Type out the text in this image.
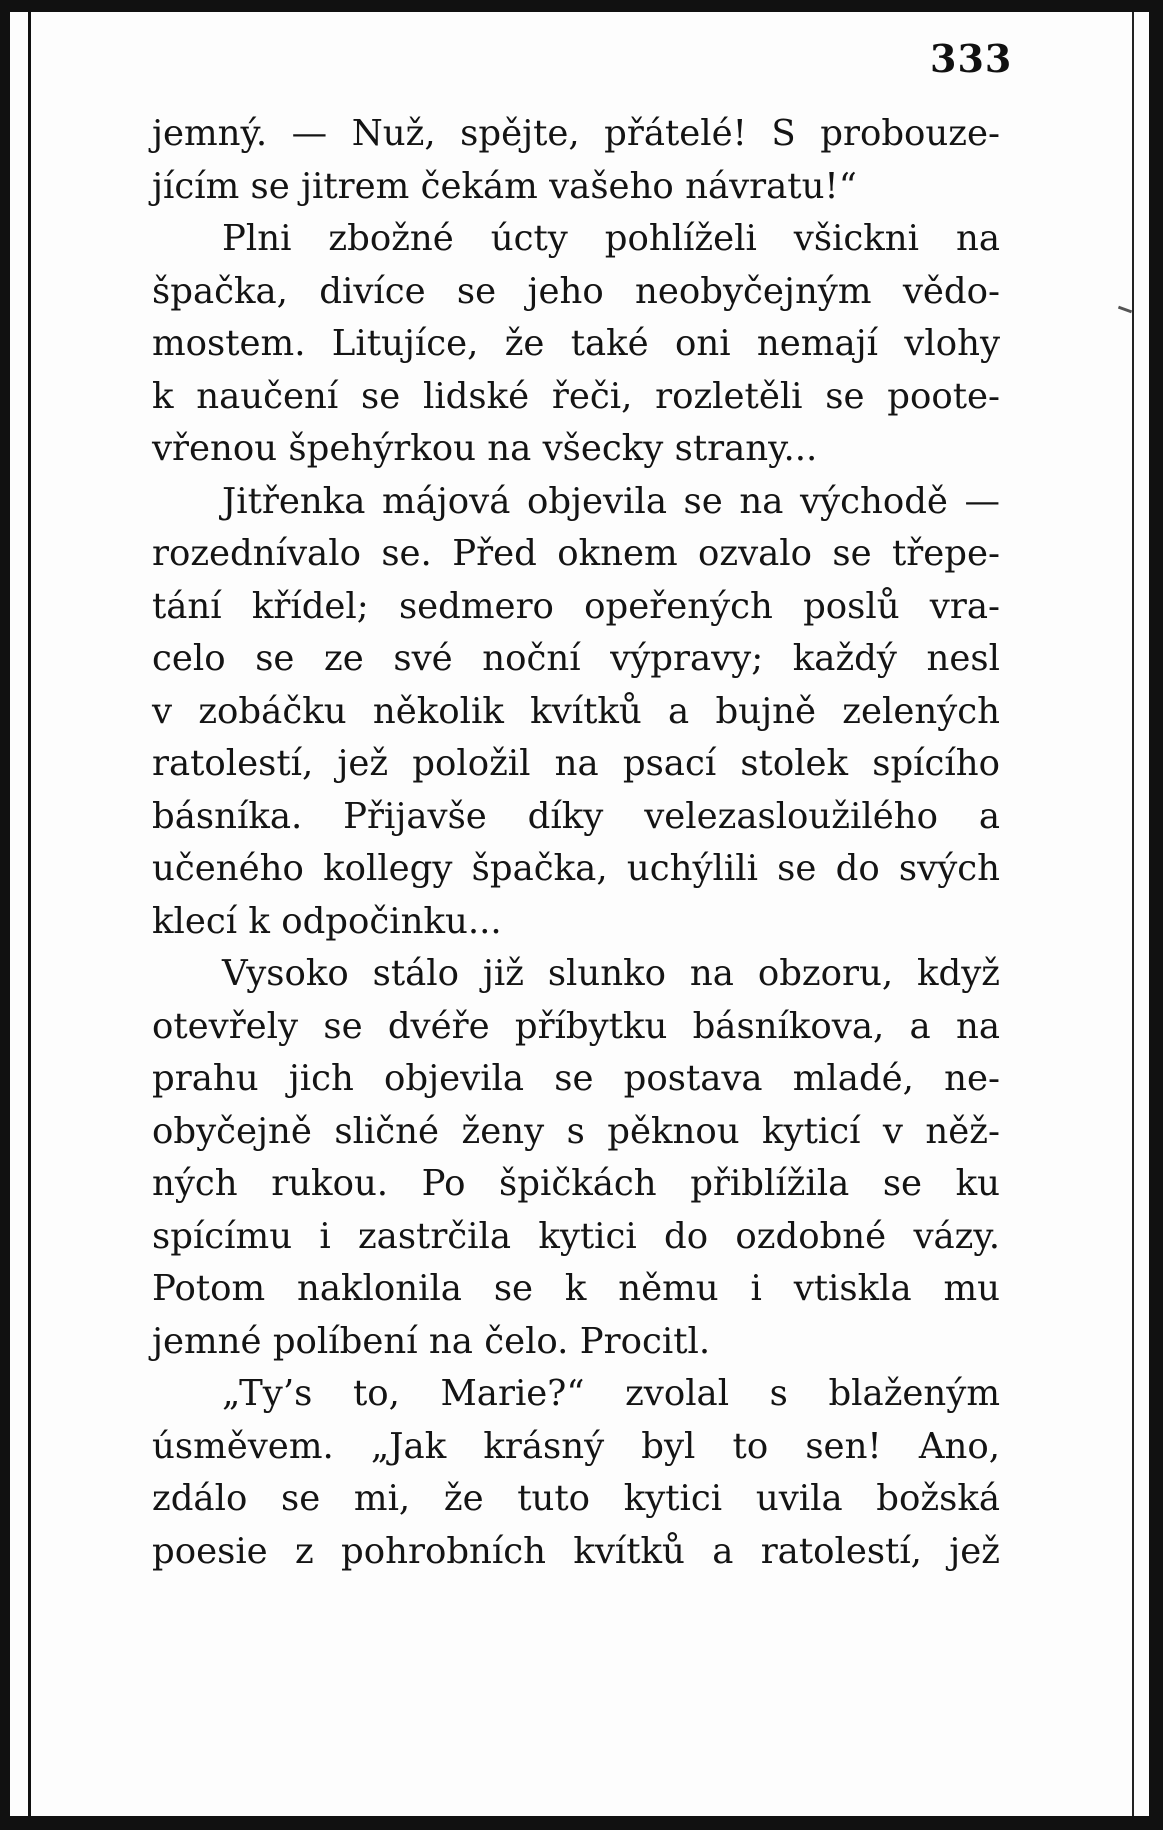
333
jemný. — Nuž, spějte, přátelé! S probouze-
jícím se jitrem čekám vašeho návratu!“
Plni zbožné úcty pohlíželi všickni na
špačka, divíce se jeho neobyčejným vědo-
mostem. Litujíce, že také oni nemají vlohy
k naučení se lidské řeči, rozletěli se poote-
vřenou špehýrkou na všecky strany...
Jitřenka májová objevila se na východě —
rozednívalo se. Před oknem ozvalo se třepe-
tání křídel; sedmero opeřených poslů vra-
celo se ze své noční výpravy; každý nesl
v zobáčku několik kvítků a bujně zelených
ratolestí, jež položil na psací stolek spícího
básníka. Přijavše díky velezasloužilého a
učeného kollegy špačka, uchýlili se do svých
klecí k odpočinku...
Vysoko stálo již slunko na obzoru, když
otevřely se dvéře příbytku básníkova, a na
prahu jich objevila se postava mladé, ne-
obyčejně sličné ženy s pěknou kyticí v něž-
ných rukou. Po špičkách přiblížila se ku
spícímu i zastrčila kytici do ozdobné vázy.
Potom naklonila se k němu i vtiskla mu
jemné políbení na čelo. Procitl.
„Ty’s to, Marie?“ zvolal s blaženým
úsměvem. „Jak krásný byl to sen! Ano,
zdálo se mi, že tuto kytici uvila božská
poesie z pohrobních kvítků a ratolestí, jež
